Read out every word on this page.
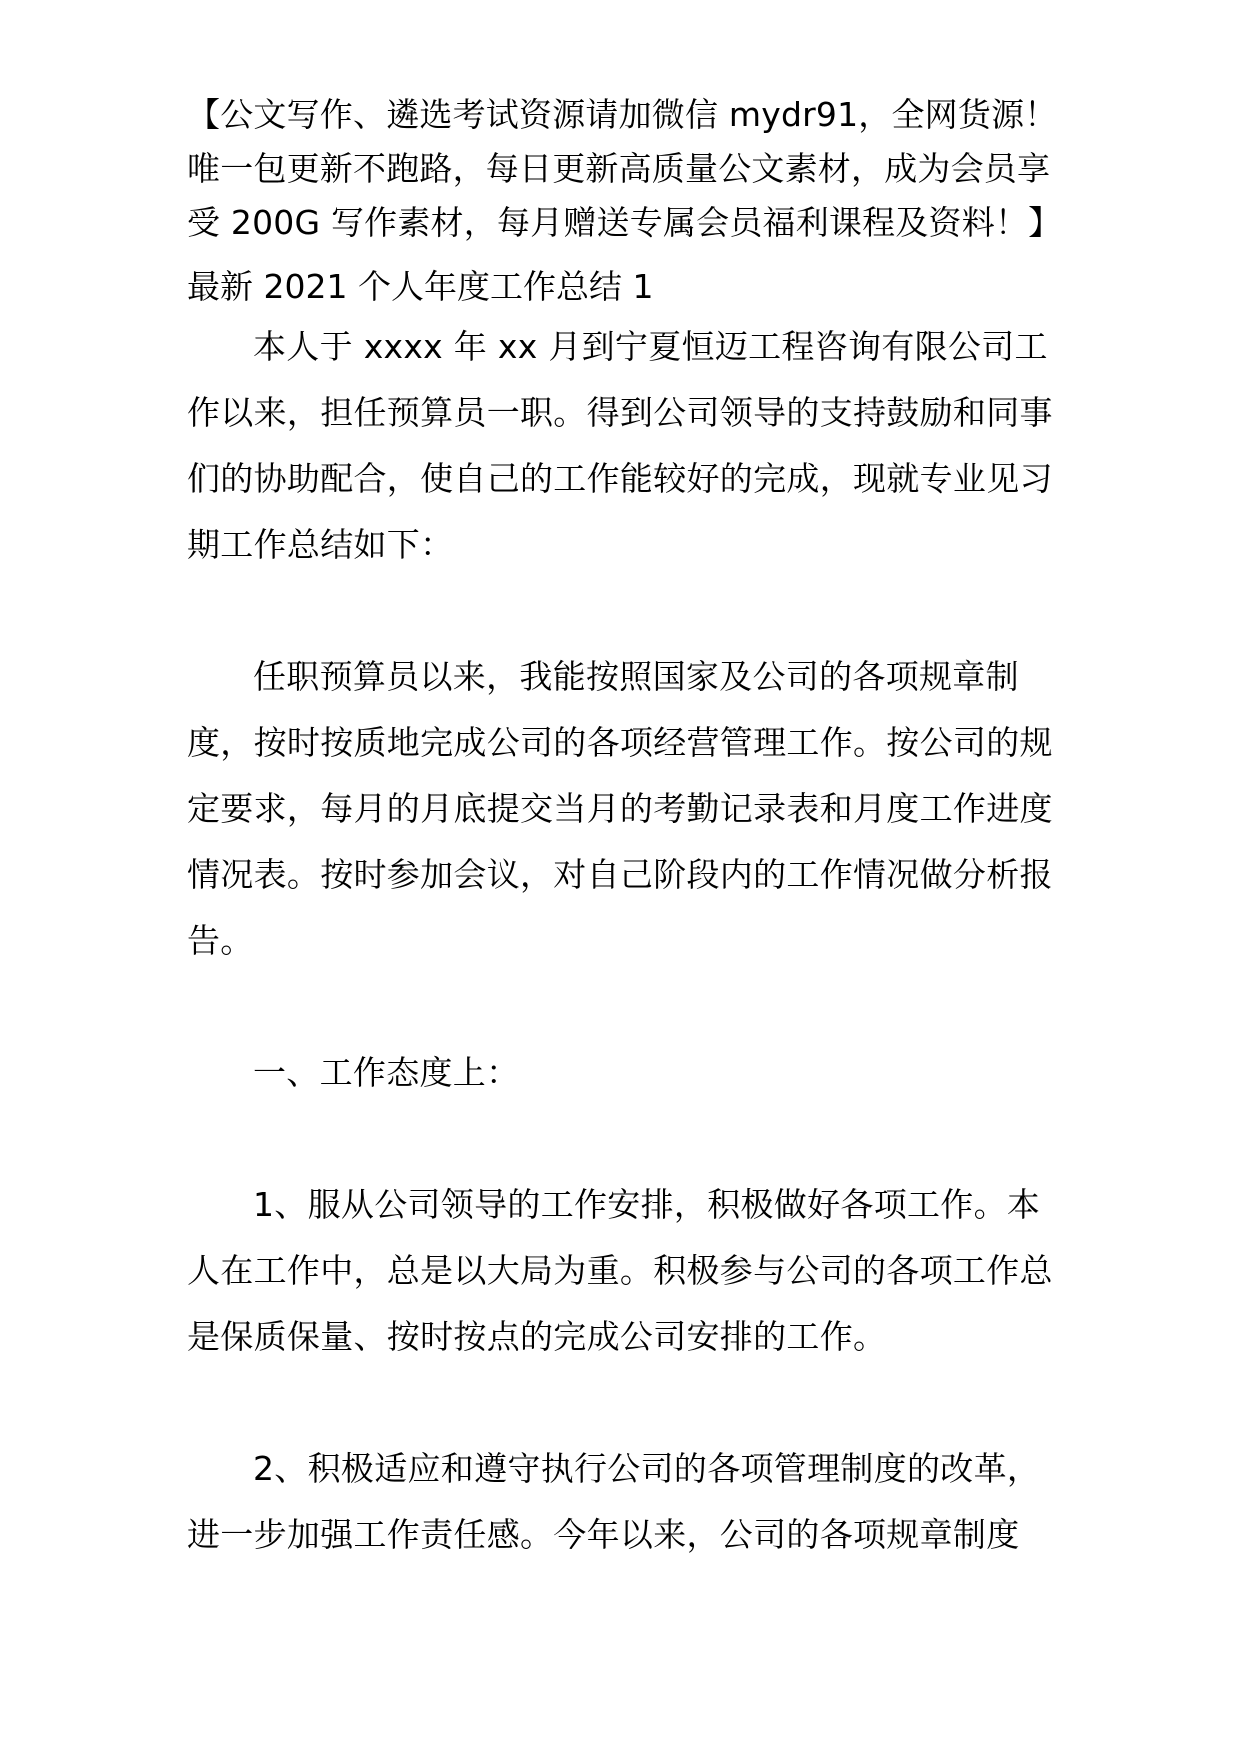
【公文写作、遴选考试资源请加微信 mydr91，全网货源！唯一包更新不跑路，每日更新高质量公文素材，成为会员享受 200G 写作素材，每月赠送专属会员福利课程及资料！】

最新 2021 个人年度工作总结 1

本人于 xxxx 年 xx 月到宁夏恒迈工程咨询有限公司工作以来，担任预算员一职。得到公司领导的支持鼓励和同事们的协助配合，使自己的工作能较好的完成，现就专业见习期工作总结如下：

任职预算员以来，我能按照国家及公司的各项规章制度，按时按质地完成公司的各项经营管理工作。按公司的规定要求，每月的月底提交当月的考勤记录表和月度工作进度情况表。按时参加会议，对自己阶段内的工作情况做分析报告。

一、工作态度上：

1、服从公司领导的工作安排，积极做好各项工作。本人在工作中，总是以大局为重。积极参与公司的各项工作总是保质保量、按时按点的完成公司安排的工作。

2、积极适应和遵守执行公司的各项管理制度的改革，进一步加强工作责任感。今年以来，公司的各项规章制度
